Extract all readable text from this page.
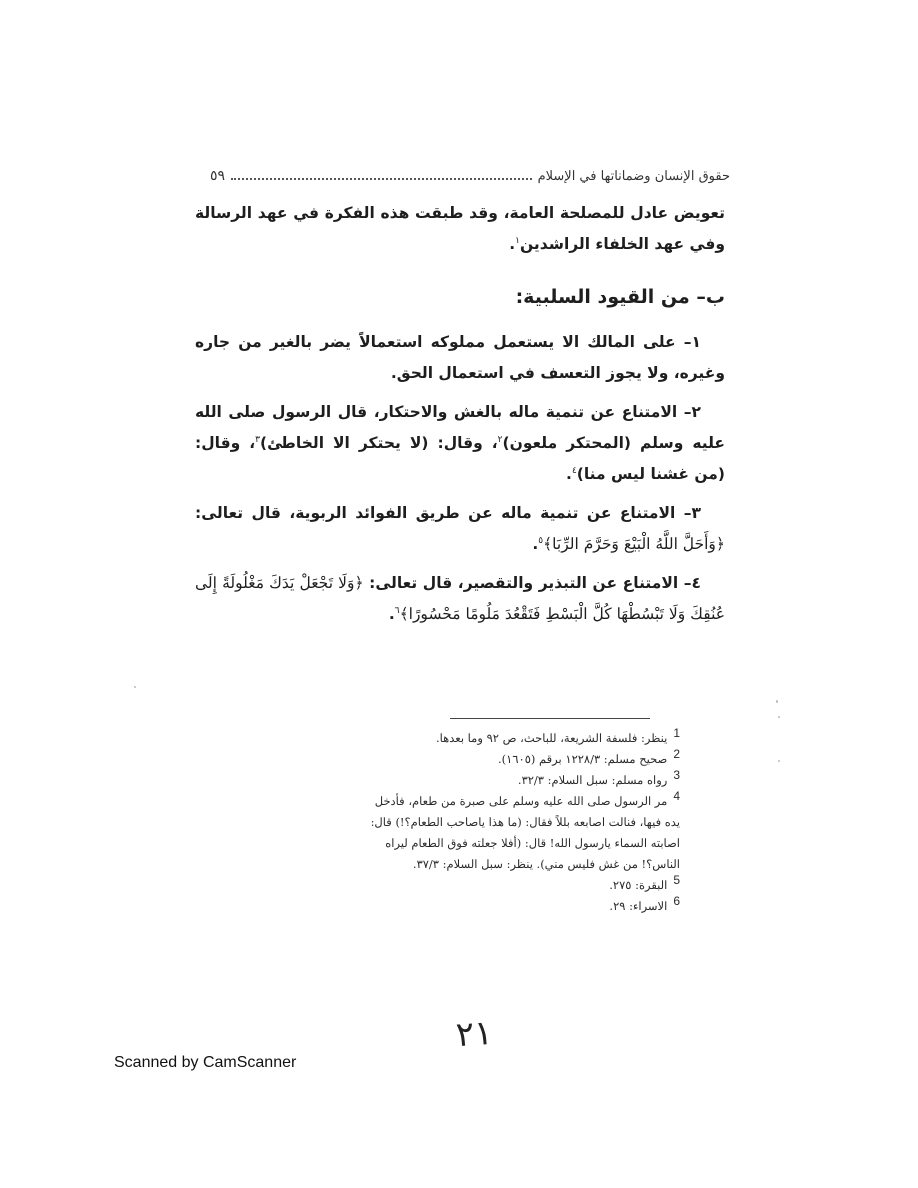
حقوق الإنسان وضماناتها في الإسلام
٥٩

تعويض عادل للمصلحة العامة، وقد طبقت هذه الفكرة في عهد الرسالة وفي عهد الخلفاء الراشدين$^١$.

ب– من القيود السلبية:

١– على المالك الا يستعمل مملوكه استعمالاً يضر بالغير من جاره وغيره، ولا يجوز التعسف في استعمال الحق.

٢– الامتناع عن تنمية ماله بالغش والاحتكار، قال الرسول صلى الله عليه وسلم (المحتكر ملعون)$^٢$، وقال: (لا يحتكر الا الخاطئ)$^٣$، وقال: (من غشنا ليس منا)$^٤$.

٣– الامتناع عن تنمية ماله عن طريق الفوائد الربوية، قال تعالى: ﴿وَأَحَلَّ اللَّهُ الْبَيْعَ وَحَرَّمَ الرِّبَا﴾$^٥$.

٤– الامتناع عن التبذير والتقصير، قال تعالى: ﴿وَلَا تَجْعَلْ يَدَكَ مَغْلُولَةً إِلَى عُنُقِكَ وَلَا تَبْسُطْهَا كُلَّ الْبَسْطِ فَتَقْعُدَ مَلُومًا مَحْسُورًا﴾$^٦$.

1ينظر: فلسفة الشريعة، للباحث، ص ٩٢ وما بعدها.

2صحيح مسلم: ١٢٢٨/٣ برقم (١٦٠٥).

3رواه مسلم: سبل السلام: ٣٢/٣.

4مر الرسول صلى الله عليه وسلم على صبرة من طعام، فأدخل يده فيها، فنالت اصابعه بللاً فقال: (ما هذا ياصاحب الطعام؟!) قال: اصابته السماء يارسول الله! قال: (أفلا جعلته فوق الطعام ليراه الناس؟! من غش فليس مني). ينظر: سبل السلام: ٣٧/٣.

5البقرة: ٢٧٥.

6الاسراء: ٢٩.

٢١
Scanned by CamScanner
